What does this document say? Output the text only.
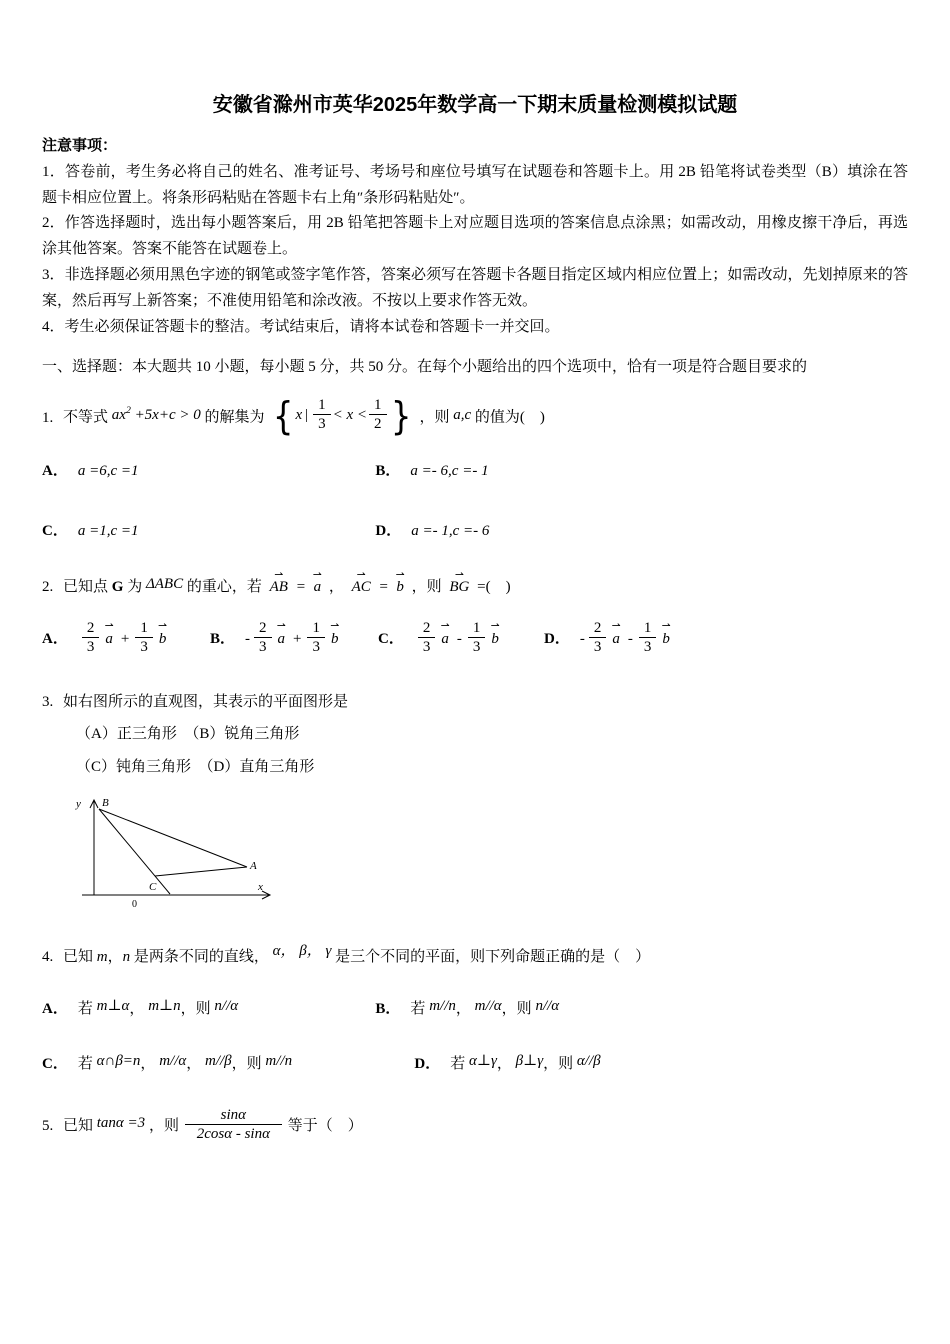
安徽省滁州市英华2025年数学高一下期末质量检测模拟试题

注意事项：

1．答卷前，考生务必将自己的姓名、准考证号、考场号和座位号填写在试题卷和答题卡上。用 2B 铅笔将试卷类型（B）填涂在答题卡相应位置上。将条形码粘贴在答题卡右上角″条形码粘贴处″。

2．作答选择题时，选出每小题答案后，用 2B 铅笔把答题卡上对应题目选项的答案信息点涂黑；如需改动，用橡皮擦干净后，再选涂其他答案。答案不能答在试题卷上。

3．非选择题必须用黑色字迹的钢笔或签字笔作答，答案必须写在答题卡各题目指定区域内相应位置上；如需改动，先划掉原来的答案，然后再写上新答案；不准使用铅笔和涂改液。不按以上要求作答无效。

4．考生必须保证答题卡的整洁。考试结束后，请将本试卷和答题卡一并交回。

一、选择题：本大题共 10 小题，每小题 5 分，共 50 分。在每个小题给出的四个选项中，恰有一项是符合题目要求的

1. 不等式 $ax^2 +5x+c > 0$ 的解集为 { x | $\frac{1}{3} < x < \frac{1}{2}$ } ，则 a,c 的值为(　)

A． a =6,c =1	B． a =- 6,c =- 1
C． a =1,c =1	D． a =- 1,c =- 6

2. 已知点 G 为 ΔABC 的重心，若 AB ⇀ = a ⇀ ， AC ⇀ = b ⇀ ，则 BG ⇀ =(　)

A． $\frac{2}{3}$ a ⇀ + $\frac{1}{3}$ b ⇀	B． - $\frac{2}{3}$ a ⇀ + $\frac{1}{3}$ b ⇀	C． $\frac{2}{3}$ a ⇀ - $\frac{1}{3}$ b ⇀	D． - $\frac{2}{3}$ a ⇀ - $\frac{1}{3}$ b ⇀

3. 如右图所示的直观图，其表示的平面图形是

（A）正三角形　（B）锐角三角形

（C）钝角三角形　（D）直角三角形

y B
A
C
0
x

4. 已知 m，n 是两条不同的直线， α， β， γ 是三个不同的平面，则下列命题正确的是（　）

A． 若 m⊥α， m⊥n，则 n//α	B． 若 m//n， m//α，则 n//α
C． 若 α∩β=n， m//α， m//β，则 m//n	D． 若 α⊥γ， β⊥γ，则 α//β

5. 已知 tanα =3 ，则 $\frac{\sin\alpha}{2\cos\alpha - \sin\alpha}$ 等于（　）
